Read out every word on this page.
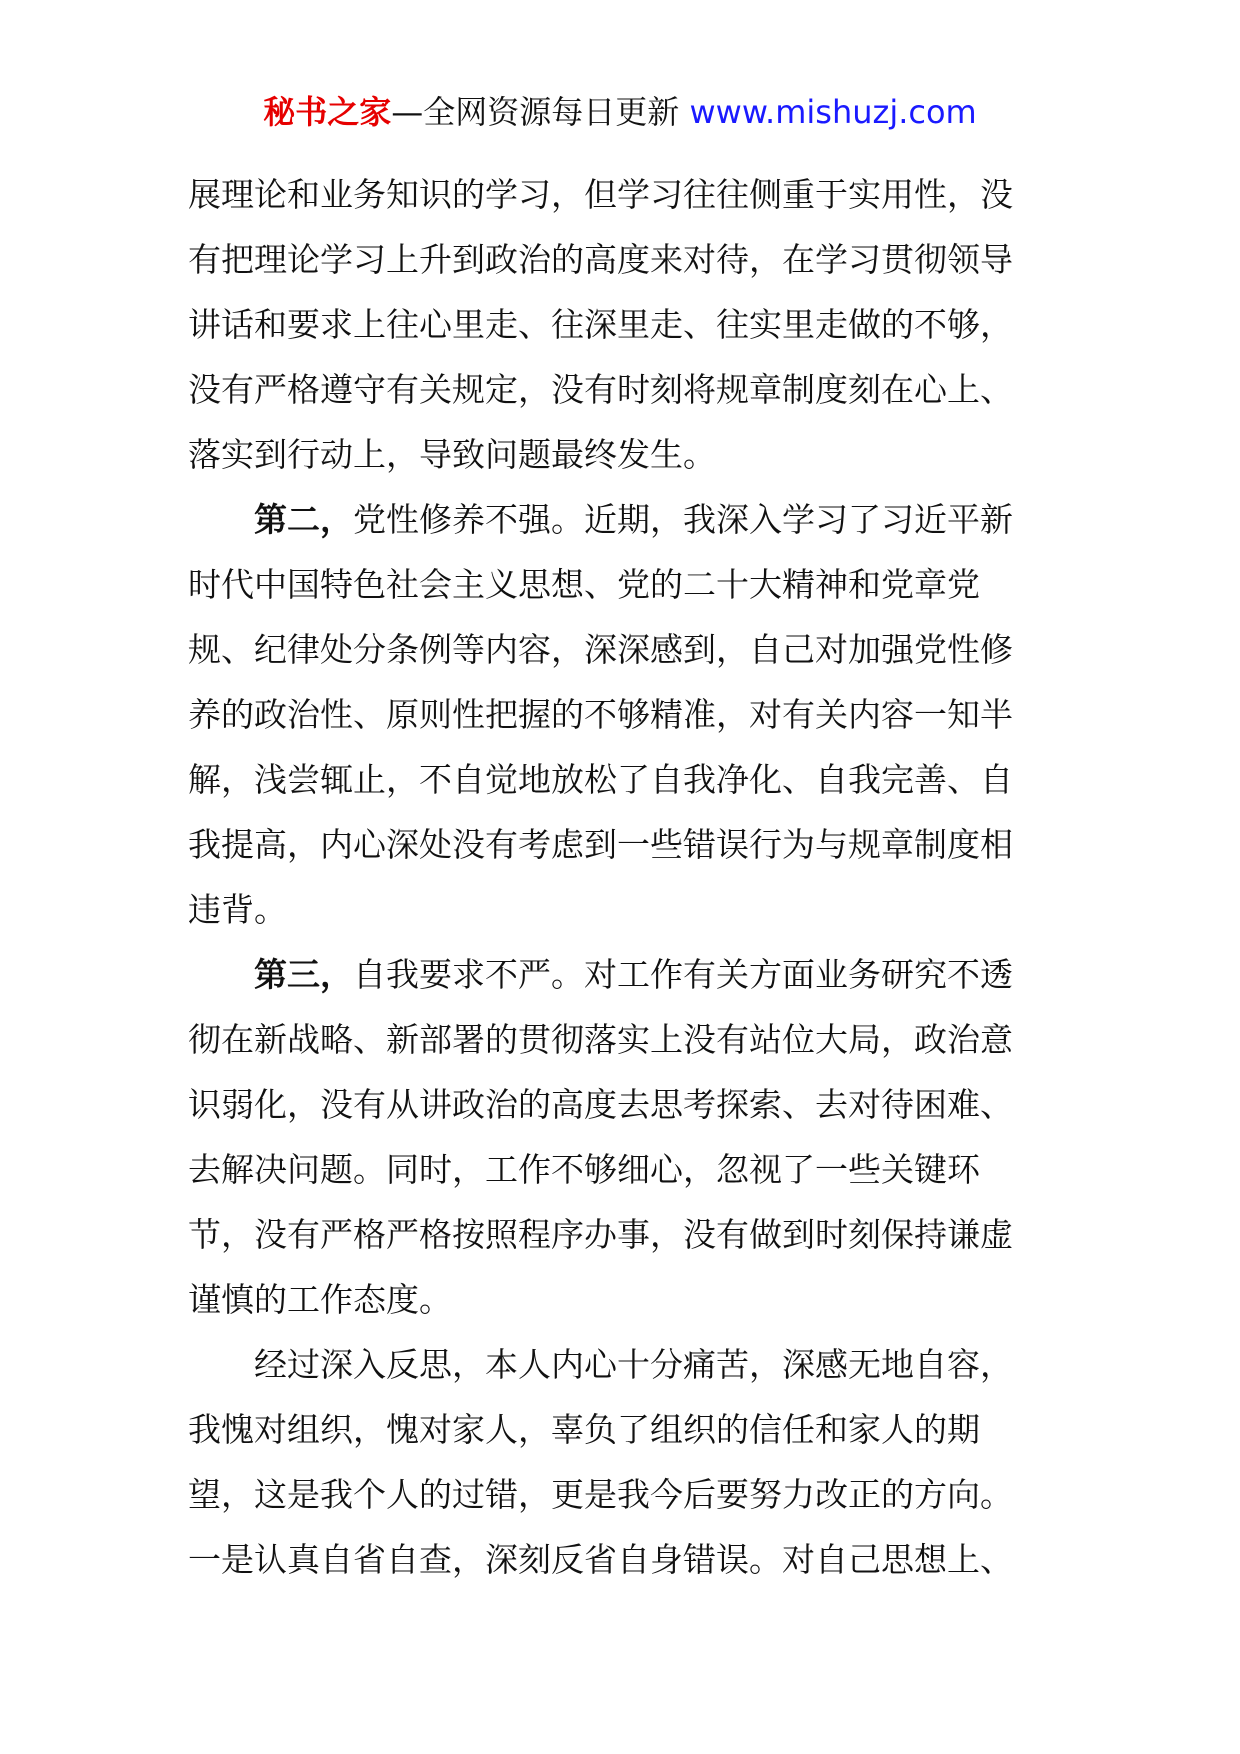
秘书之家—全网资源每日更新 www.mishuzj.com
展理论和业务知识的学习，但学习往往侧重于实用性，没
有把理论学习上升到政治的高度来对待，在学习贯彻领导
讲话和要求上往心里走、往深里走、往实里走做的不够，
没有严格遵守有关规定，没有时刻将规章制度刻在心上、
落实到行动上，导致问题最终发生。
第二，党性修养不强。近期，我深入学习了习近平新
时代中国特色社会主义思想、党的二十大精神和党章党
规、纪律处分条例等内容，深深感到，自己对加强党性修
养的政治性、原则性把握的不够精准，对有关内容一知半
解，浅尝辄止，不自觉地放松了自我净化、自我完善、自
我提高，内心深处没有考虑到一些错误行为与规章制度相
违背。
第三，自我要求不严。对工作有关方面业务研究不透
彻在新战略、新部署的贯彻落实上没有站位大局，政治意
识弱化，没有从讲政治的高度去思考探索、去对待困难、
去解决问题。同时，工作不够细心，忽视了一些关键环
节，没有严格严格按照程序办事，没有做到时刻保持谦虚
谨慎的工作态度。
经过深入反思，本人内心十分痛苦，深感无地自容，
我愧对组织，愧对家人，辜负了组织的信任和家人的期
望，这是我个人的过错，更是我今后要努力改正的方向。
一是认真自省自查，深刻反省自身错误。对自己思想上、
